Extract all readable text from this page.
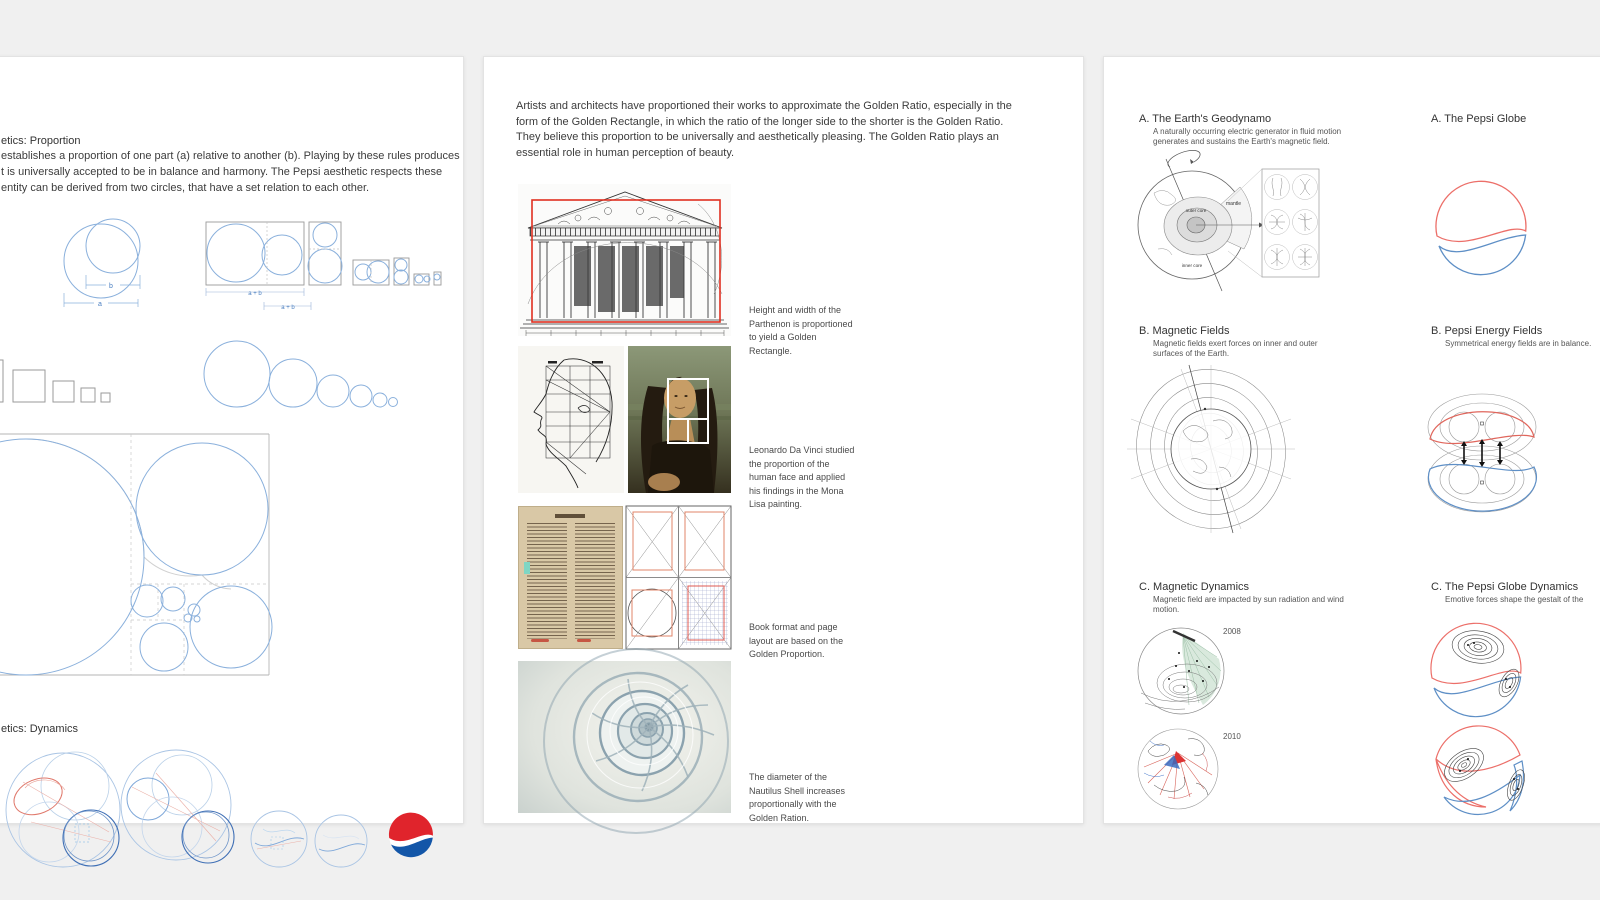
etics: Proportion
establishes a proportion of one part (a) relative to another (b). Playing by these rules produces
t is universally accepted to be in balance and harmony. The Pepsi aesthetic respects these
entity can be derived from two circles, that have a set relation to each other.
b
a
a + b
a + b
etics: Dynamics
Artists and architects have proportioned their works to approximate the Golden Ratio, especially in the form of the Golden Rectangle, in which the ratio of the longer side to the shorter is the Golden Ratio. They believe this proportion to be universally and aesthetically pleasing. The Golden Ratio plays an essential role in human perception of beauty.
Height and width of the Parthenon is proportioned to yield a Golden Rectangle.
Leonardo Da Vinci studied the proportion of the human face and applied his findings in the Mona Lisa painting.
Book format and page layout are based on the Golden Proportion.
The diameter of the Nautilus Shell increases proportionally with the Golden Ration.
A. The Earth's Geodynamo
A naturally occurring electric generator in fluid motion generates and sustains the Earth's magnetic field.
A. The Pepsi Globe
outer core
mantle
inner core
B. Magnetic Fields
Magnetic fields exert forces on inner and outer surfaces of the Earth.
B. Pepsi Energy Fields
Symmetrical energy fields are in balance.
C. Magnetic Dynamics
Magnetic field are impacted by sun radiation and wind motion.
C. The Pepsi Globe Dynamics
Emotive forces shape the gestalt of the
2008
2010
